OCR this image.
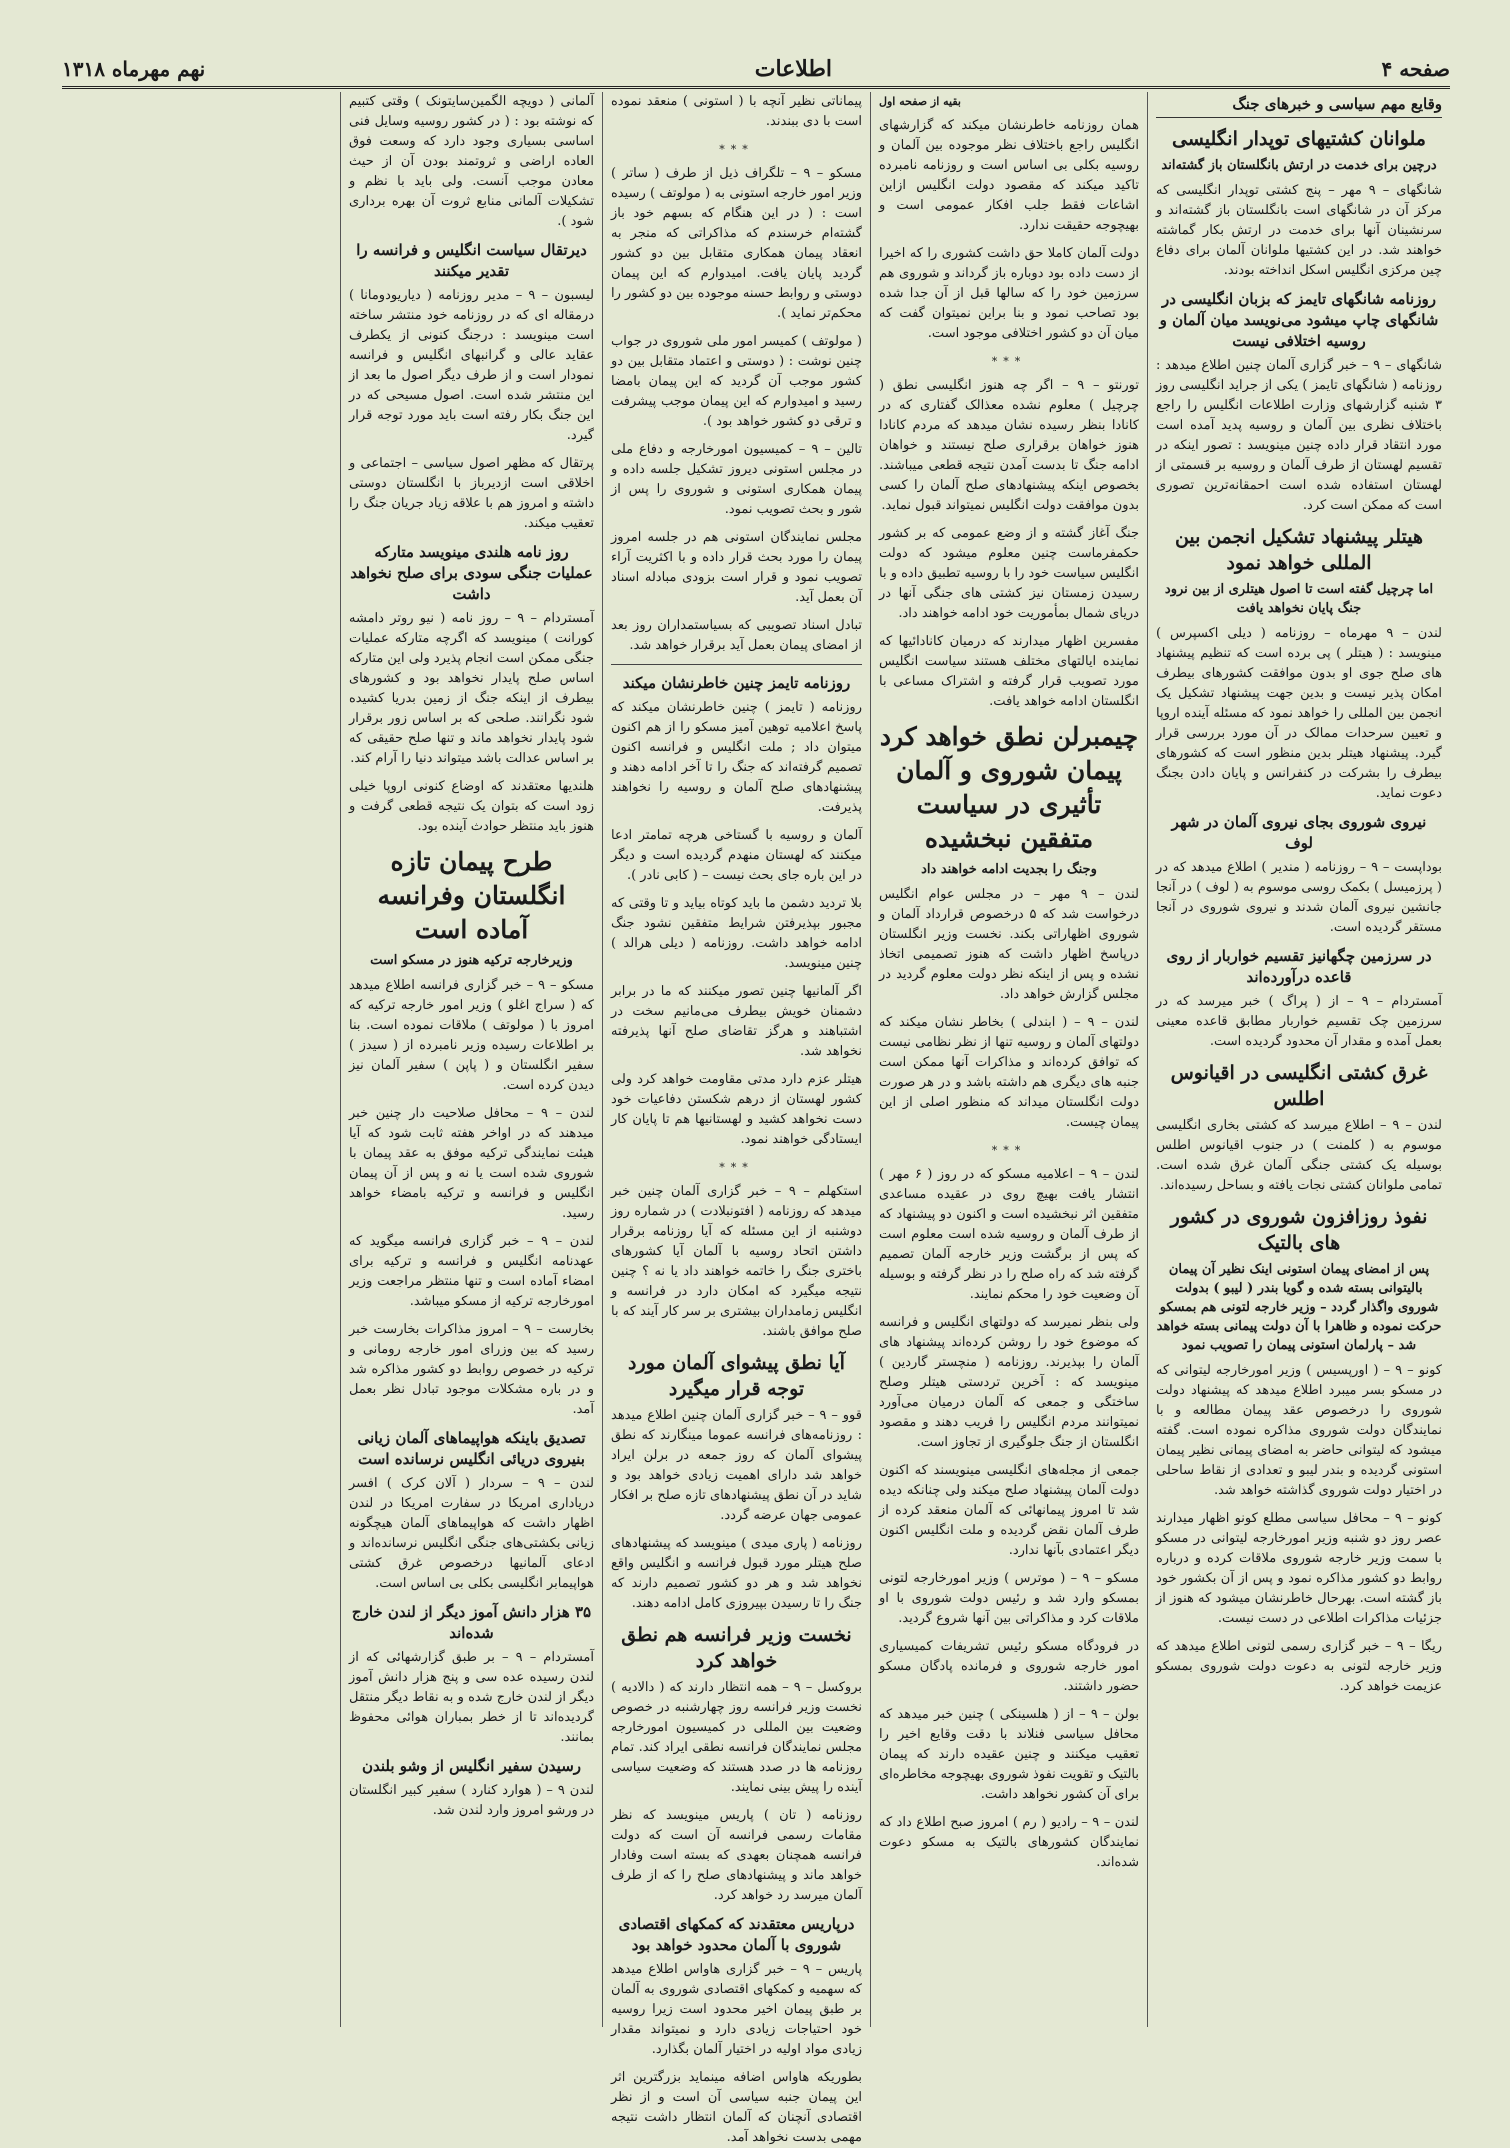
صفحه ۴
اطلاعات
نهم مهرماه ۱۳۱۸
وقایع مهم سیاسی و خبرهای جنگ
ملوانان کشتیهای توپدار انگلیسی
درچین برای خدمت در ارتش بانگلستان باز گشته‌اند

شانگهای – ۹ مهر – پنج کشتی توپدار انگلیسی که مرکز آن در شانگهای است بانگلستان باز گشته‌اند و سرنشینان آنها برای خدمت در ارتش بکار گماشته خواهند شد. در این کشتیها ملوانان آلمان برای دفاع چین مرکزی انگلیس اسکل انداخته بودند.

روزنامه شانگهای تایمز که بزبان انگلیسی در شانگهای چاپ میشود می‌نویسد میان آلمان و روسیه اختلافی نیست

شانگهای – ۹ – خبر گزاری آلمان چنین اطلاع میدهد : روزنامه ( شانگهای تایمز ) یکی از جراید انگلیسی روز ۳ شنبه گزارشهای وزارت اطلاعات انگلیس را راجع باختلاف نظری بین آلمان و روسیه پدید آمده است مورد انتقاد قرار داده چنین مینویسد : تصور اینکه در تقسیم لهستان از طرف آلمان و روسیه بر قسمتی از لهستان استفاده شده است احمقانه‌ترین تصوری است که ممکن است کرد.

هیتلر پیشنهاد تشکیل انجمن بین المللی خواهد نمود
اما چرچیل گفته است تا اصول هیتلری از بین نرود جنگ پایان نخواهد یافت

لندن – ۹ مهرماه – روزنامه ( دیلی اکسپرس ) مینویسد : ( هیتلر ) پی برده است که تنظیم پیشنهاد های صلح جوی او بدون موافقت کشورهای بیطرف امکان پذیر نیست و بدین جهت پیشنهاد تشکیل یک انجمن بین المللی را خواهد نمود که مسئله آینده اروپا و تعیین سرحدات ممالک در آن مورد بررسی قرار گیرد. پیشنهاد هیتلر بدین منظور است که کشورهای بیطرف را بشرکت در کنفرانس و پایان دادن بجنگ دعوت نماید.

نیروی شوروی بجای نیروی آلمان در شهر لوف

بوداپست – ۹ – روزنامه ( مندیر ) اطلاع میدهد که در ( پرزمیسل ) بکمک روسی موسوم به ( لوف ) در آنجا جانشین نیروی آلمان شدند و نیروی شوروی در آنجا مستقر گردیده است.

در سرزمین چگهانیز تقسیم خواربار از روی قاعده درآورده‌اند

آمستردام – ۹ – از ( پراگ ) خبر میرسد که در سرزمین چک تقسیم خواربار مطابق قاعده معینی بعمل آمده و مقدار آن محدود گردیده است.

غرق کشتی انگلیسی در اقیانوس اطلس

لندن – ۹ – اطلاع میرسد که کشتی بخاری انگلیسی موسوم به ( کلمنت ) در جنوب اقیانوس اطلس بوسیله یک کشتی جنگی آلمان غرق شده است. تمامی ملوانان کشتی نجات یافته و بساحل رسیده‌اند.

نفوذ روزافزون شوروی در کشور های بالتیک
پس از امضای پیمان استونی اینک نظیر آن پیمان بالیتوانی بسته شده و گویا بندر ( لیبو ) بدولت شوروی واگذار گردد – وزیر خارجه لتونی هم بمسکو حرکت نموده و ظاهرا با آن دولت پیمانی بسته خواهد شد – پارلمان استونی پیمان را تصویب نمود

کونو – ۹ – ( اورپسیس ) وزیر امورخارجه لیتوانی که در مسکو بسر میبرد اطلاع میدهد که پیشنهاد دولت شوروی را درخصوص عقد پیمان مطالعه و با نمایندگان دولت شوروی مذاکره نموده است. گفته میشود که لیتوانی حاضر به امضای پیمانی نظیر پیمان استونی گردیده و بندر لیبو و تعدادی از نقاط ساحلی در اختیار دولت شوروی گذاشته خواهد شد.

کونو – ۹ – محافل سیاسی مطلع کونو اظهار میدارند عصر روز دو شنبه وزیر امورخارجه لیتوانی در مسکو با سمت وزیر خارجه شوروی ملاقات کرده و درباره روابط دو کشور مذاکره نمود و پس از آن بکشور خود باز گشته است. بهرحال خاطرنشان میشود که هنوز از جزئیات مذاکرات اطلاعی در دست نیست.

ریگا – ۹ – خبر گزاری رسمی لتونی اطلاع میدهد که وزیر خارجه لتونی به دعوت دولت شوروی بمسکو عزیمت خواهد کرد.

بقیه از صفحه اول

همان روزنامه خاطرنشان میکند که گزارشهای انگلیس راجع باختلاف نظر موجوده بین آلمان و روسیه بکلی بی اساس است و روزنامه نامبرده تاکید میکند که مقصود دولت انگلیس ازاین اشاعات فقط جلب افکار عمومی است و بهیچوجه حقیقت ندارد.

دولت آلمان کاملا حق داشت کشوری را که اخیرا از دست داده بود دوباره باز گرداند و شوروی هم سرزمین خود را که سالها قبل از آن جدا شده بود تصاحب نمود و بنا براین نمیتوان گفت که میان آن دو کشور اختلافی موجود است.

***

تورنتو – ۹ – اگر چه هنوز انگلیسی نطق ( چرچیل ) معلوم نشده معذالک گفتاری که در کانادا بنظر رسیده نشان میدهد که مردم کانادا هنوز خواهان برقراری صلح نیستند و خواهان ادامه جنگ تا بدست آمدن نتیجه قطعی میباشند. بخصوص اینکه پیشنهادهای صلح آلمان را کسی بدون موافقت دولت انگلیس نمیتواند قبول نماید.

جنگ آغاز گشته و از وضع عمومی که بر کشور حکمفرماست چنین معلوم میشود که دولت انگلیس سیاست خود را با روسیه تطبیق داده و با رسیدن زمستان نیز کشتی های جنگی آنها در دریای شمال بمأموریت خود ادامه خواهند داد.

مفسرین اظهار میدارند که درمیان کانادائیها که نماینده ایالتهای مختلف هستند سیاست انگلیس مورد تصویب قرار گرفته و اشتراک مساعی با انگلستان ادامه خواهد یافت.

چیمبرلن نطق خواهد کرد پیمان شوروی و آلمان تأثیری در سیاست متفقین نبخشیده
وجنگ را بجدیت ادامه خواهند داد

لندن – ۹ مهر – در مجلس عوام انگلیس درخواست شد که ۵ درخصوص قرارداد آلمان و شوروی اظهاراتی بکند. نخست وزیر انگلستان درپاسخ اظهار داشت که هنوز تصمیمی اتخاذ نشده و پس از اینکه نظر دولت معلوم گردید در مجلس گزارش خواهد داد.

لندن – ۹ – ( ابندلی ) بخاطر نشان میکند که دولتهای آلمان و روسیه تنها از نظر نظامی نیست که توافق کرده‌اند و مذاکرات آنها ممکن است جنبه های دیگری هم داشته باشد و در هر صورت دولت انگلستان میداند که منظور اصلی از این پیمان چیست.

***

لندن – ۹ – اعلامیه مسکو که در روز ( ۶ مهر ) انتشار یافت بهیچ روی در عقیده مساعدی متفقین اثر نبخشیده است و اکنون دو پیشنهاد که از طرف آلمان و روسیه شده است معلوم است که پس از برگشت وزیر خارجه آلمان تصمیم گرفته شد که راه صلح را در نظر گرفته و بوسیله آن وضعیت خود را محکم نمایند.

ولی بنظر نمیرسد که دولتهای انگلیس و فرانسه که موضوع خود را روشن کرده‌اند پیشنهاد های آلمان را بپذیرند. روزنامه ( منچستر گاردین ) مینویسد که : آخرین تردستی هیتلر وصلح ساختگی و جمعی که آلمان درمیان می‌آورد نمیتوانند مردم انگلیس را فریب دهند و مقصود انگلستان از جنگ جلوگیری از تجاوز است.

جمعی از مجله‌های انگلیسی مینویسند که اکنون دولت آلمان پیشنهاد صلح میکند ولی چنانکه دیده شد تا امروز پیمانهائی که آلمان منعقد کرده از طرف آلمان نقض گردیده و ملت انگلیس اکنون دیگر اعتمادی بآنها ندارد.

مسکو – ۹ – ( موترس ) وزیر امورخارجه لتونی بمسکو وارد شد و رئیس دولت شوروی با او ملاقات کرد و مذاکراتی بین آنها شروع گردید.

در فرودگاه مسکو رئیس تشریفات کمیسیاری امور خارجه شوروی و فرمانده پادگان مسکو حضور داشتند.

بولن – ۹ – از ( هلسینکی ) چنین خبر میدهد که محافل سیاسی فنلاند با دقت وقایع اخیر را تعقیب میکنند و چنین عقیده دارند که پیمان بالتیک و تقویت نفوذ شوروی بهیچوجه مخاطره‌ای برای آن کشور نخواهد داشت.

لندن – ۹ – رادیو ( رم ) امروز صبح اطلاع داد که نمایندگان کشورهای بالتیک به مسکو دعوت شده‌اند.

پیماناتی نظیر آنچه با ( استونی ) منعقد نموده است با دی ببندند.

***

مسکو – ۹ – تلگراف ذیل از طرف ( ساتر ) وزیر امور خارجه استونی به ( مولوتف ) رسیده است : ( در این هنگام که بسهم خود باز گشته‌ام خرسندم که مذاکراتی که منجر به انعقاد پیمان همکاری متقابل بین دو کشور گردید پایان یافت. امیدوارم که این پیمان دوستی و روابط حسنه موجوده بین دو کشور را محکم‌تر نماید ).

( مولوتف ) کمیسر امور ملی شوروی در جواب چنین نوشت : ( دوستی و اعتماد متقابل بین دو کشور موجب آن گردید که این پیمان بامضا رسید و امیدوارم که این پیمان موجب پیشرفت و ترقی دو کشور خواهد بود ).

تالین – ۹ – کمیسیون امورخارجه و دفاع ملی در مجلس استونی دیروز تشکیل جلسه داده و پیمان همکاری استونی و شوروی را پس از شور و بحث تصویب نمود.

مجلس نمایندگان استونی هم در جلسه امروز پیمان را مورد بحث قرار داده و با اکثریت آراء تصویب نمود و قرار است بزودی مبادله اسناد آن بعمل آید.

تبادل اسناد تصویبی که بسیاستمداران روز بعد از امضای پیمان بعمل آید برقرار خواهد شد.

روزنامه تایمز چنین خاطرنشان میکند

روزنامه ( تایمز ) چنین خاطرنشان میکند که پاسخ اعلامیه توهین آمیز مسکو را از هم اکنون میتوان داد ; ملت انگلیس و فرانسه اکنون تصمیم گرفته‌اند که جنگ را تا آخر ادامه دهند و پیشنهادهای صلح آلمان و روسیه را نخواهند پذیرفت.

آلمان و روسیه با گستاخی هرچه تمامتر ادعا میکنند که لهستان منهدم گردیده است و دیگر در این باره جای بحث نیست – ( کابی نادر ).

بلا تردید دشمن ما باید کوتاه بیاید و تا وقتی که مجبور بپذیرفتن شرایط متفقین نشود جنگ ادامه خواهد داشت. روزنامه ( دیلی هرالد ) چنین مینویسد.

اگر آلمانیها چنین تصور میکنند که ما در برابر دشمنان خویش بیطرف می‌مانیم سخت در اشتباهند و هرگز تقاضای صلح آنها پذیرفته نخواهد شد.

هیتلر عزم دارد مدتی مقاومت خواهد کرد ولی کشور لهستان از درهم شکستن دفاعیات خود دست نخواهد کشید و لهستانیها هم تا پایان کار ایستادگی خواهند نمود.

***

استکهلم – ۹ – خبر گزاری آلمان چنین خبر میدهد که روزنامه ( افتونبلادت ) در شماره روز دوشنبه از این مسئله که آیا روزنامه برقرار داشتن اتحاد روسیه با آلمان آیا کشورهای باختری جنگ را خاتمه خواهند داد یا نه ؟ چنین نتیجه میگیرد که امکان دارد در فرانسه و انگلیس زمامداران بیشتری بر سر کار آیند که با صلح موافق باشند.

آیا نطق پیشوای آلمان مورد توجه قرار میگیرد

قوو – ۹ – خبر گزاری آلمان چنین اطلاع میدهد : روزنامه‌های فرانسه عموما مینگارند که نطق پیشوای آلمان که روز جمعه در برلن ایراد خواهد شد دارای اهمیت زیادی خواهد بود و شاید در آن نطق پیشنهادهای تازه صلح بر افکار عمومی جهان عرضه گردد.

روزنامه ( پاری میدی ) مینویسد که پیشنهادهای صلح هیتلر مورد قبول فرانسه و انگلیس واقع نخواهد شد و هر دو کشور تصمیم دارند که جنگ را تا رسیدن بپیروزی کامل ادامه دهند.

نخست وزیر فرانسه هم نطق خواهد کرد

بروکسل – ۹ – همه انتظار دارند که ( دالادیه ) نخست وزیر فرانسه روز چهارشنبه در خصوص وضعیت بین المللی در کمیسیون امورخارجه مجلس نمایندگان فرانسه نطقی ایراد کند. تمام روزنامه ها در صدد هستند که وضعیت سیاسی آینده را پیش بینی نمایند.

روزنامه ( تان ) پاریس مینویسد که نظر مقامات رسمی فرانسه آن است که دولت فرانسه همچنان بعهدی که بسته است وفادار خواهد ماند و پیشنهادهای صلح را که از طرف آلمان میرسد رد خواهد کرد.

درپاریس معتقدند که کمکهای اقتصادی شوروی با آلمان محدود خواهد بود

پاریس – ۹ – خبر گزاری هاواس اطلاع میدهد که سهمیه و کمکهای اقتصادی شوروی به آلمان بر طبق پیمان اخیر محدود است زیرا روسیه خود احتیاجات زیادی دارد و نمیتواند مقدار زیادی مواد اولیه در اختیار آلمان بگذارد.

بطوریکه هاواس اضافه مینماید بزرگترین اثر این پیمان جنبه سیاسی آن است و از نظر اقتصادی آنچنان که آلمان انتظار داشت نتیجه مهمی بدست نخواهد آمد.

آلمانی ( دویچه الگمین‌سایتونک ) وقتی کتبیم که نوشته بود : ( در کشور روسیه وسایل فنی اساسی بسیاری وجود دارد که وسعت فوق العاده اراضی و ثروتمند بودن آن از حیث معادن موجب آنست. ولی باید با نظم و تشکیلات آلمانی منابع ثروت آن بهره برداری شود ).

دیرتقال سیاست انگلیس و فرانسه را تقدیر میکنند

لیسبون – ۹ – مدیر روزنامه ( دیاریودومانا ) درمقاله ای که در روزنامه خود منتشر ساخته است مینویسد : درجنگ کنونی از یکطرف عقاید عالی و گرانبهای انگلیس و فرانسه نمودار است و از طرف دیگر اصول ما بعد از این منتشر شده است. اصول مسیحی که در این جنگ بکار رفته است باید مورد توجه قرار گیرد.

پرتقال که مظهر اصول سیاسی – اجتماعی و اخلاقی است ازدیرباز با انگلستان دوستی داشته و امروز هم با علاقه زیاد جریان جنگ را تعقیب میکند.

روز نامه هلندی مینویسد متارکه عملیات جنگی سودی برای صلح نخواهد داشت

آمستردام – ۹ – روز نامه ( نیو روتر دامشه کورانت ) مینویسد که اگرچه متارکه عملیات جنگی ممکن است انجام پذیرد ولی این متارکه اساس صلح پایدار نخواهد بود و کشورهای بیطرف از اینکه جنگ از زمین بدریا کشیده شود نگرانند. صلحی که بر اساس زور برقرار شود پایدار نخواهد ماند و تنها صلح حقیقی که بر اساس عدالت باشد میتواند دنیا را آرام کند.

هلندیها معتقدند که اوضاع کنونی اروپا خیلی زود است که بتوان یک نتیجه قطعی گرفت و هنوز باید منتظر حوادث آینده بود.

طرح پیمان تازه انگلستان وفرانسه آماده است
وزیرخارجه ترکیه هنوز در مسکو است

مسکو – ۹ – خبر گزاری فرانسه اطلاع میدهد که ( سراج اغلو ) وزیر امور خارجه ترکیه که امروز با ( مولوتف ) ملاقات نموده است. بنا بر اطلاعات رسیده وزیر نامبرده از ( سیدز ) سفیر انگلستان و ( پاپن ) سفیر آلمان نیز دیدن کرده است.

لندن – ۹ – محافل صلاحیت دار چنین خبر میدهند که در اواخر هفته ثابت شود که آیا هیئت نمایندگی ترکیه موفق به عقد پیمان با شوروی شده است یا نه و پس از آن پیمان انگلیس و فرانسه و ترکیه بامضاء خواهد رسید.

لندن – ۹ – خبر گزاری فرانسه میگوید که عهدنامه انگلیس و فرانسه و ترکیه برای امضاء آماده است و تنها منتظر مراجعت وزیر امورخارجه ترکیه از مسکو میباشد.

بخارست – ۹ – امروز مذاکرات بخارست خبر رسید که بین وزرای امور خارجه رومانی و ترکیه در خصوص روابط دو کشور مذاکره شد و در باره مشکلات موجود تبادل نظر بعمل آمد.

تصدیق باینکه هواپیماهای آلمان زیانی بنیروی دریائی انگلیس نرسانده است

لندن – ۹ – سردار ( آلان کرک ) افسر دریاداری امریکا در سفارت امریکا در لندن اظهار داشت که هواپیماهای آلمان هیچگونه زیانی بکشتی‌های جنگی انگلیس نرسانده‌اند و ادعای آلمانیها درخصوص غرق کشتی هواپیمابر انگلیسی بکلی بی اساس است.

۳۵ هزار دانش آموز دیگر از لندن خارج شده‌اند

آمستردام – ۹ – بر طبق گزارشهائی که از لندن رسیده عده سی و پنج هزار دانش آموز دیگر از لندن خارج شده و به نقاط دیگر منتقل گردیده‌اند تا از خطر بمباران هوائی محفوظ بمانند.

رسیدن سفیر انگلیس از وشو بلندن

لندن ۹ – ( هوارد کنارد ) سفیر کبیر انگلستان در ورشو امروز وارد لندن شد.
